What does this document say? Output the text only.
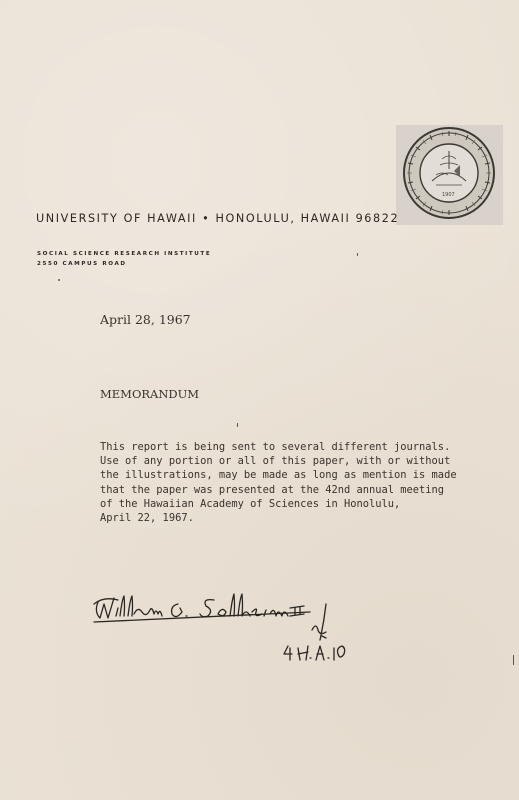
1907
UNIVERSITY OF HAWAII • HONOLULU, HAWAII 96822
SOCIAL SCIENCE RESEARCH INSTITUTE
2550 CAMPUS ROAD
April 28, 1967
MEMORANDUM
This report is being sent to several different journals.
Use of any portion or all of this paper, with or without
the illustrations, may be made as long as mention is made
that the paper was presented at the 42nd annual meeting
of the Hawaiian Academy of Sciences in Honolulu,
April 22, 1967.
